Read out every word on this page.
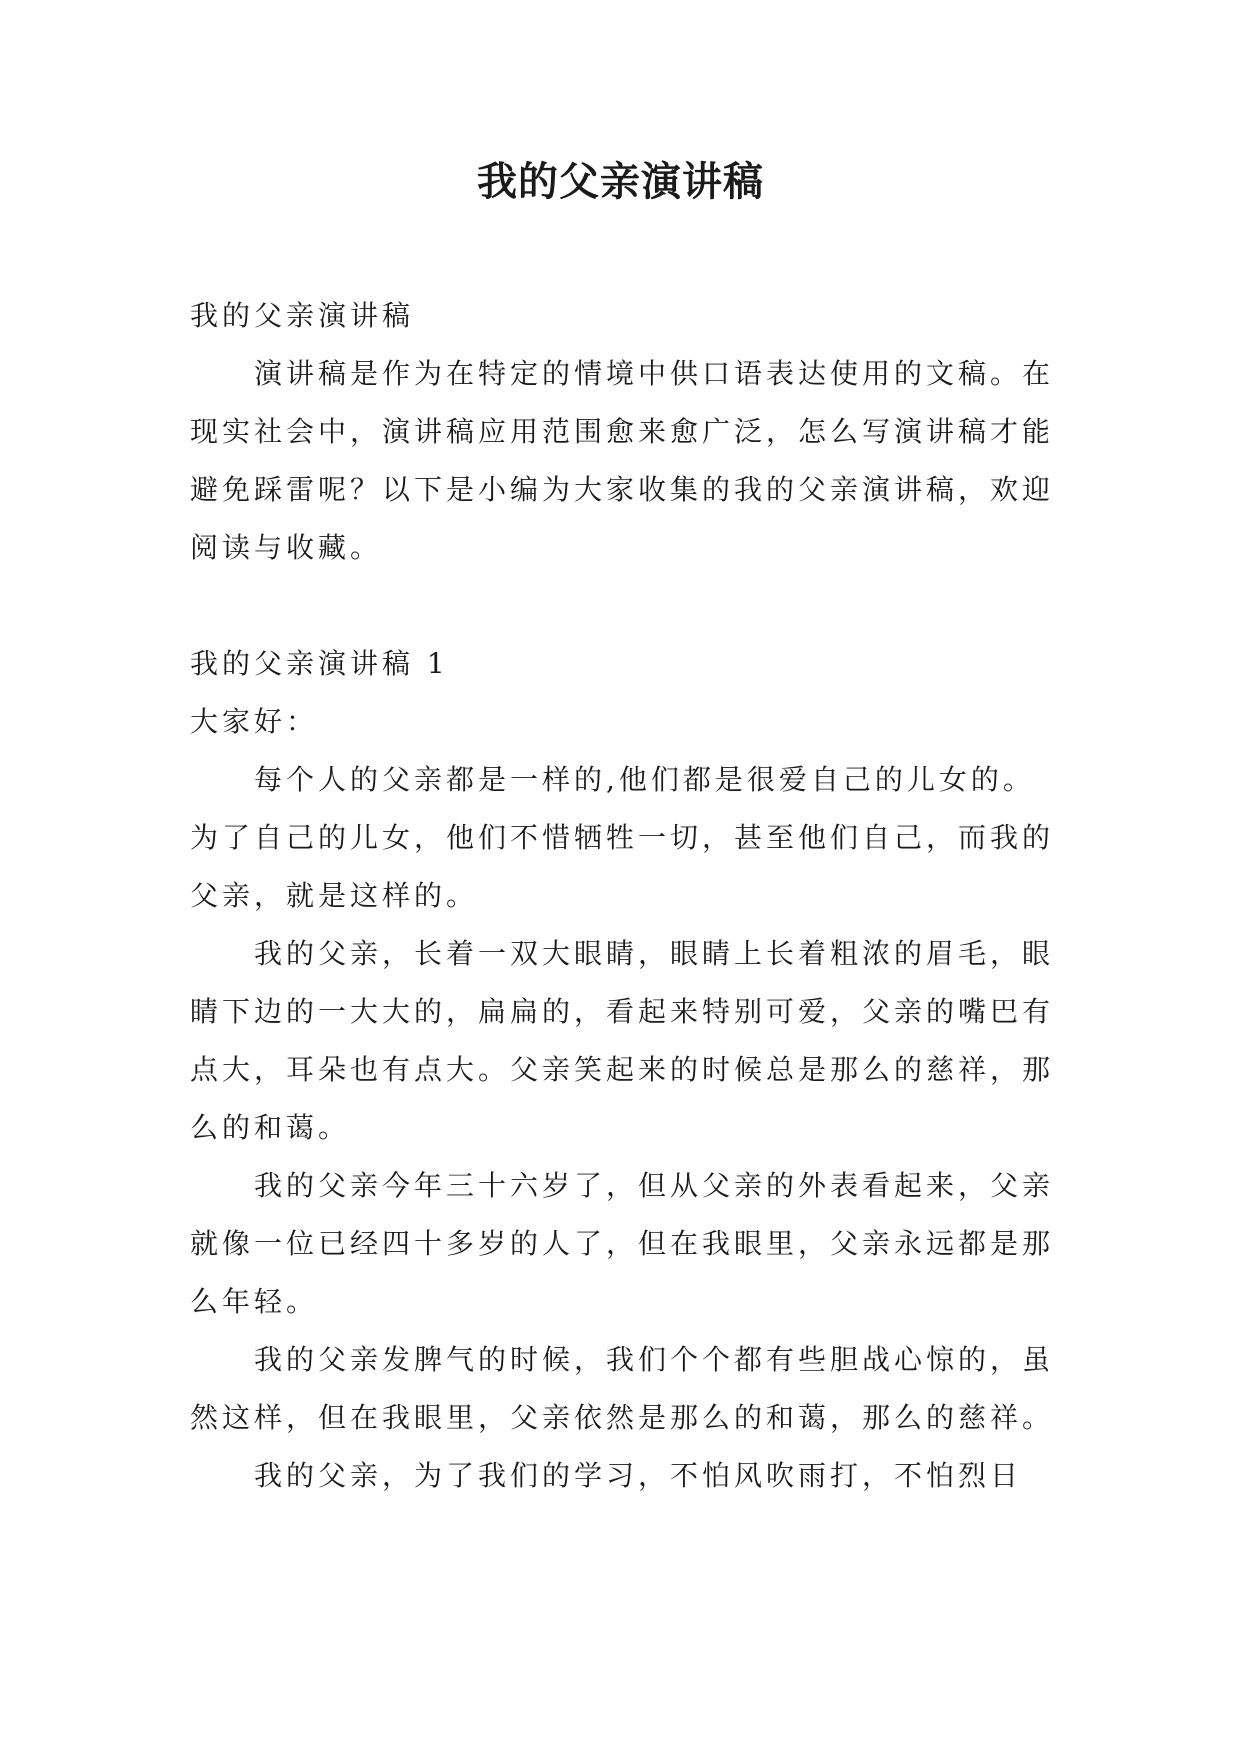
我的父亲演讲稿

我的父亲演讲稿

演讲稿是作为在特定的情境中供口语表达使用的文稿。在现实社会中，演讲稿应用范围愈来愈广泛，怎么写演讲稿才能避免踩雷呢？以下是小编为大家收集的我的父亲演讲稿，欢迎阅读与收藏。

我的父亲演讲稿 1

大家好：

每个人的父亲都是一样的,他们都是很爱自己的儿女的。为了自己的儿女，他们不惜牺牲一切，甚至他们自己，而我的父亲，就是这样的。

我的父亲，长着一双大眼睛，眼睛上长着粗浓的眉毛，眼睛下边的一大大的，扁扁的，看起来特别可爱，父亲的嘴巴有点大，耳朵也有点大。父亲笑起来的时候总是那么的慈祥，那么的和蔼。

我的父亲今年三十六岁了，但从父亲的外表看起来，父亲就像一位已经四十多岁的人了，但在我眼里，父亲永远都是那么年轻。

我的父亲发脾气的时候，我们个个都有些胆战心惊的，虽然这样，但在我眼里，父亲依然是那么的和蔼，那么的慈祥。

我的父亲，为了我们的学习，不怕风吹雨打，不怕烈日
